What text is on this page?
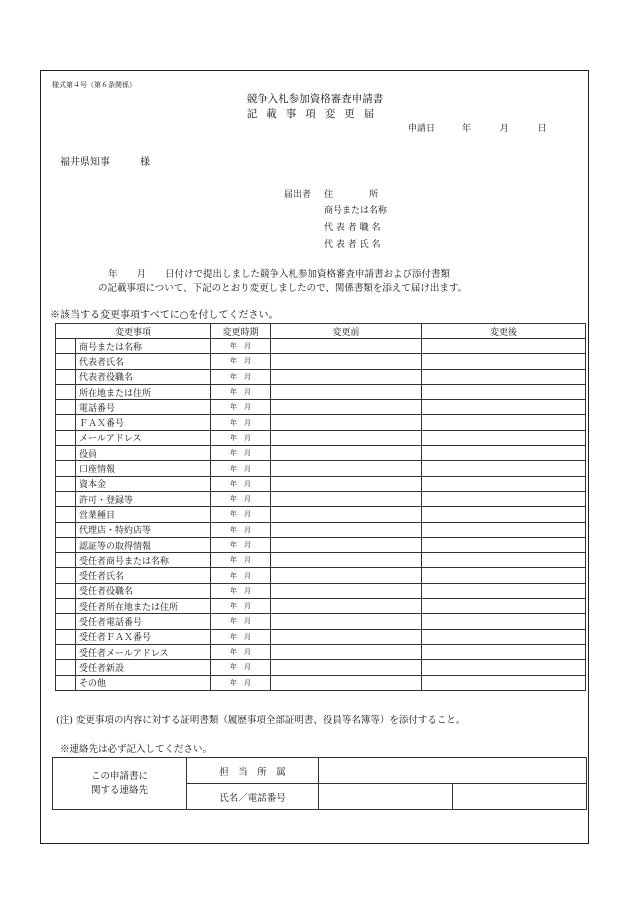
様式第４号（第６条関係）
競争入札参加資格審査申請書
記載事項変更届
申請日	年	月	日
福井県知事　　　様
届出者 住　　　　所
商号または名称
代 表 者 職 名
代 表 者 氏 名
年　　月　　日付けで提出しました競争入札参加資格審査申請書および添付書類
の記載事項について、下記のとおり変更しましたので、関係書類を添えて届け出ます。
※該当する変更事項すべてに○を付してください。
変更事項		変更時期	変更前	変更後
	商号または名称	年　月		
	代表者氏名	年　月		
	代表者役職名	年　月		
	所在地または住所	年　月		
	電話番号	年　月		
	ＦＡＸ番号	年　月		
	メールアドレス	年　月		
	役員	年　月		
	口座情報	年　月		
	資本金	年　月		
	許可・登録等	年　月		
	営業種目	年　月		
	代理店・特約店等	年　月		
	認証等の取得情報	年　月		
	受任者商号または名称	年　月		
	受任者氏名	年　月		
	受任者役職名	年　月		
	受任者所在地または住所	年　月		
	受任者電話番号	年　月		
	受任者ＦＡＸ番号	年　月		
	受任者メールアドレス	年　月		
	受任者新設	年　月		
	その他	年　月		
(注) 変更事項の内容に対する証明書類（履歴事項全部証明書、役員等名簿等）を添付すること。
※連絡先は必ず記入してください。
この申請書に
関する連絡先	担　当　所　属		
	氏名／電話番号		
